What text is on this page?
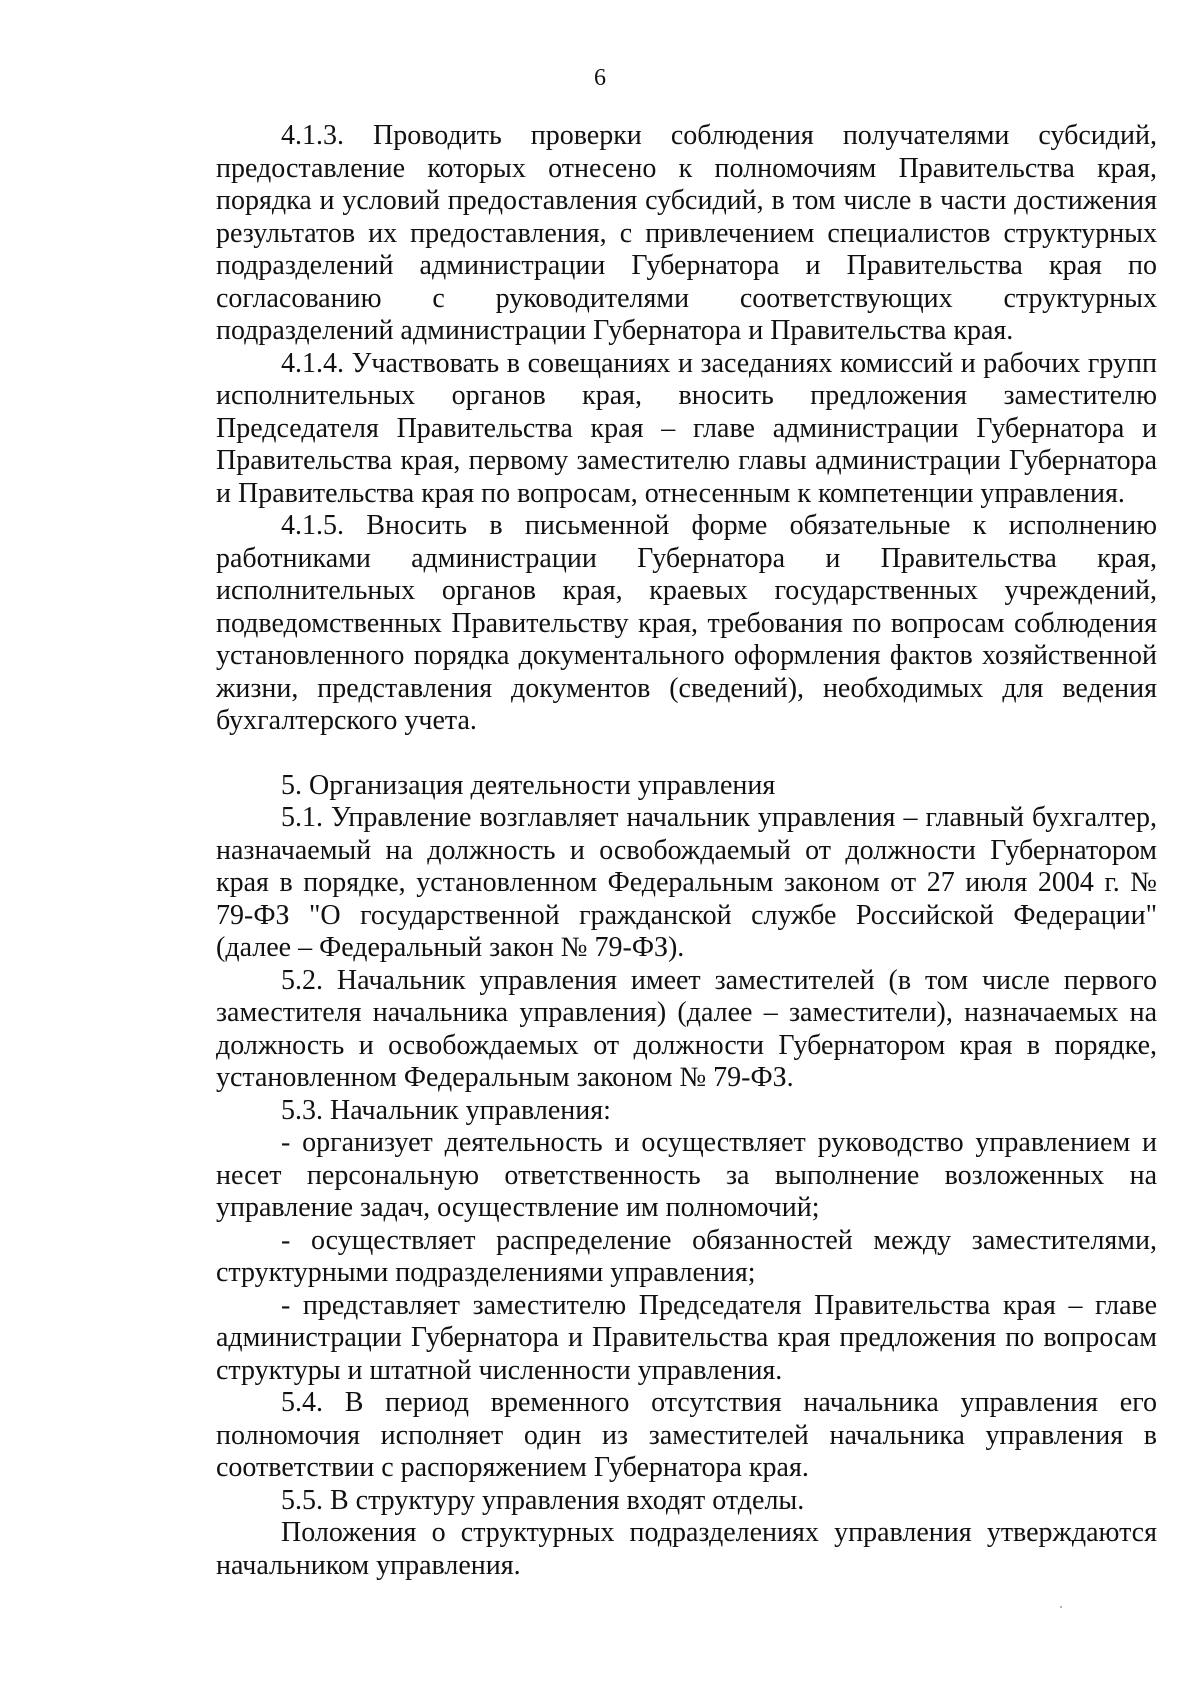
6

4.1.3. Проводить проверки соблюдения получателями субсидий, предоставление которых отнесено к полномочиям Правительства края, порядка и условий предоставления субсидий, в том числе в части достижения результатов их предоставления, с привлечением специалистов структурных подразделений администрации Губернатора и Правительства края по согласованию с руководителями соответствующих структурных подразделений администрации Губернатора и Правительства края.

4.1.4. Участвовать в совещаниях и заседаниях комиссий и рабочих групп исполнительных органов края, вносить предложения заместителю Председателя Правительства края – главе администрации Губернатора и Правительства края, первому заместителю главы администрации Губернатора и Правительства края по вопросам, отнесенным к компетенции управления.

4.1.5. Вносить в письменной форме обязательные к исполнению работниками администрации Губернатора и Правительства края, исполнительных органов края, краевых государственных учреждений, подведомственных Правительству края, требования по вопросам соблюдения установленного порядка документального оформления фактов хозяйственной жизни, представления документов (сведений), необходимых для ведения бухгалтерского учета.

5. Организация деятельности управления

5.1. Управление возглавляет начальник управления – главный бухгалтер, назначаемый на должность и освобождаемый от должности Губернатором края в порядке, установленном Федеральным законом от 27 июля 2004 г. № 79-ФЗ "О государственной гражданской службе Российской Федерации" (далее – Федеральный закон № 79-ФЗ).

5.2. Начальник управления имеет заместителей (в том числе первого заместителя начальника управления) (далее – заместители), назначаемых на должность и освобождаемых от должности Губернатором края в порядке, установленном Федеральным законом № 79-ФЗ.

5.3. Начальник управления:

- организует деятельность и осуществляет руководство управлением и несет персональную ответственность за выполнение возложенных на управление задач, осуществление им полномочий;

- осуществляет распределение обязанностей между заместителями, структурными подразделениями управления;

- представляет заместителю Председателя Правительства края – главе администрации Губернатора и Правительства края предложения по вопросам структуры и штатной численности управления.

5.4. В период временного отсутствия начальника управления его полномочия исполняет один из заместителей начальника управления в соответствии с распоряжением Губернатора края.

5.5. В структуру управления входят отделы.

Положения о структурных подразделениях управления утверждаются начальником управления.
